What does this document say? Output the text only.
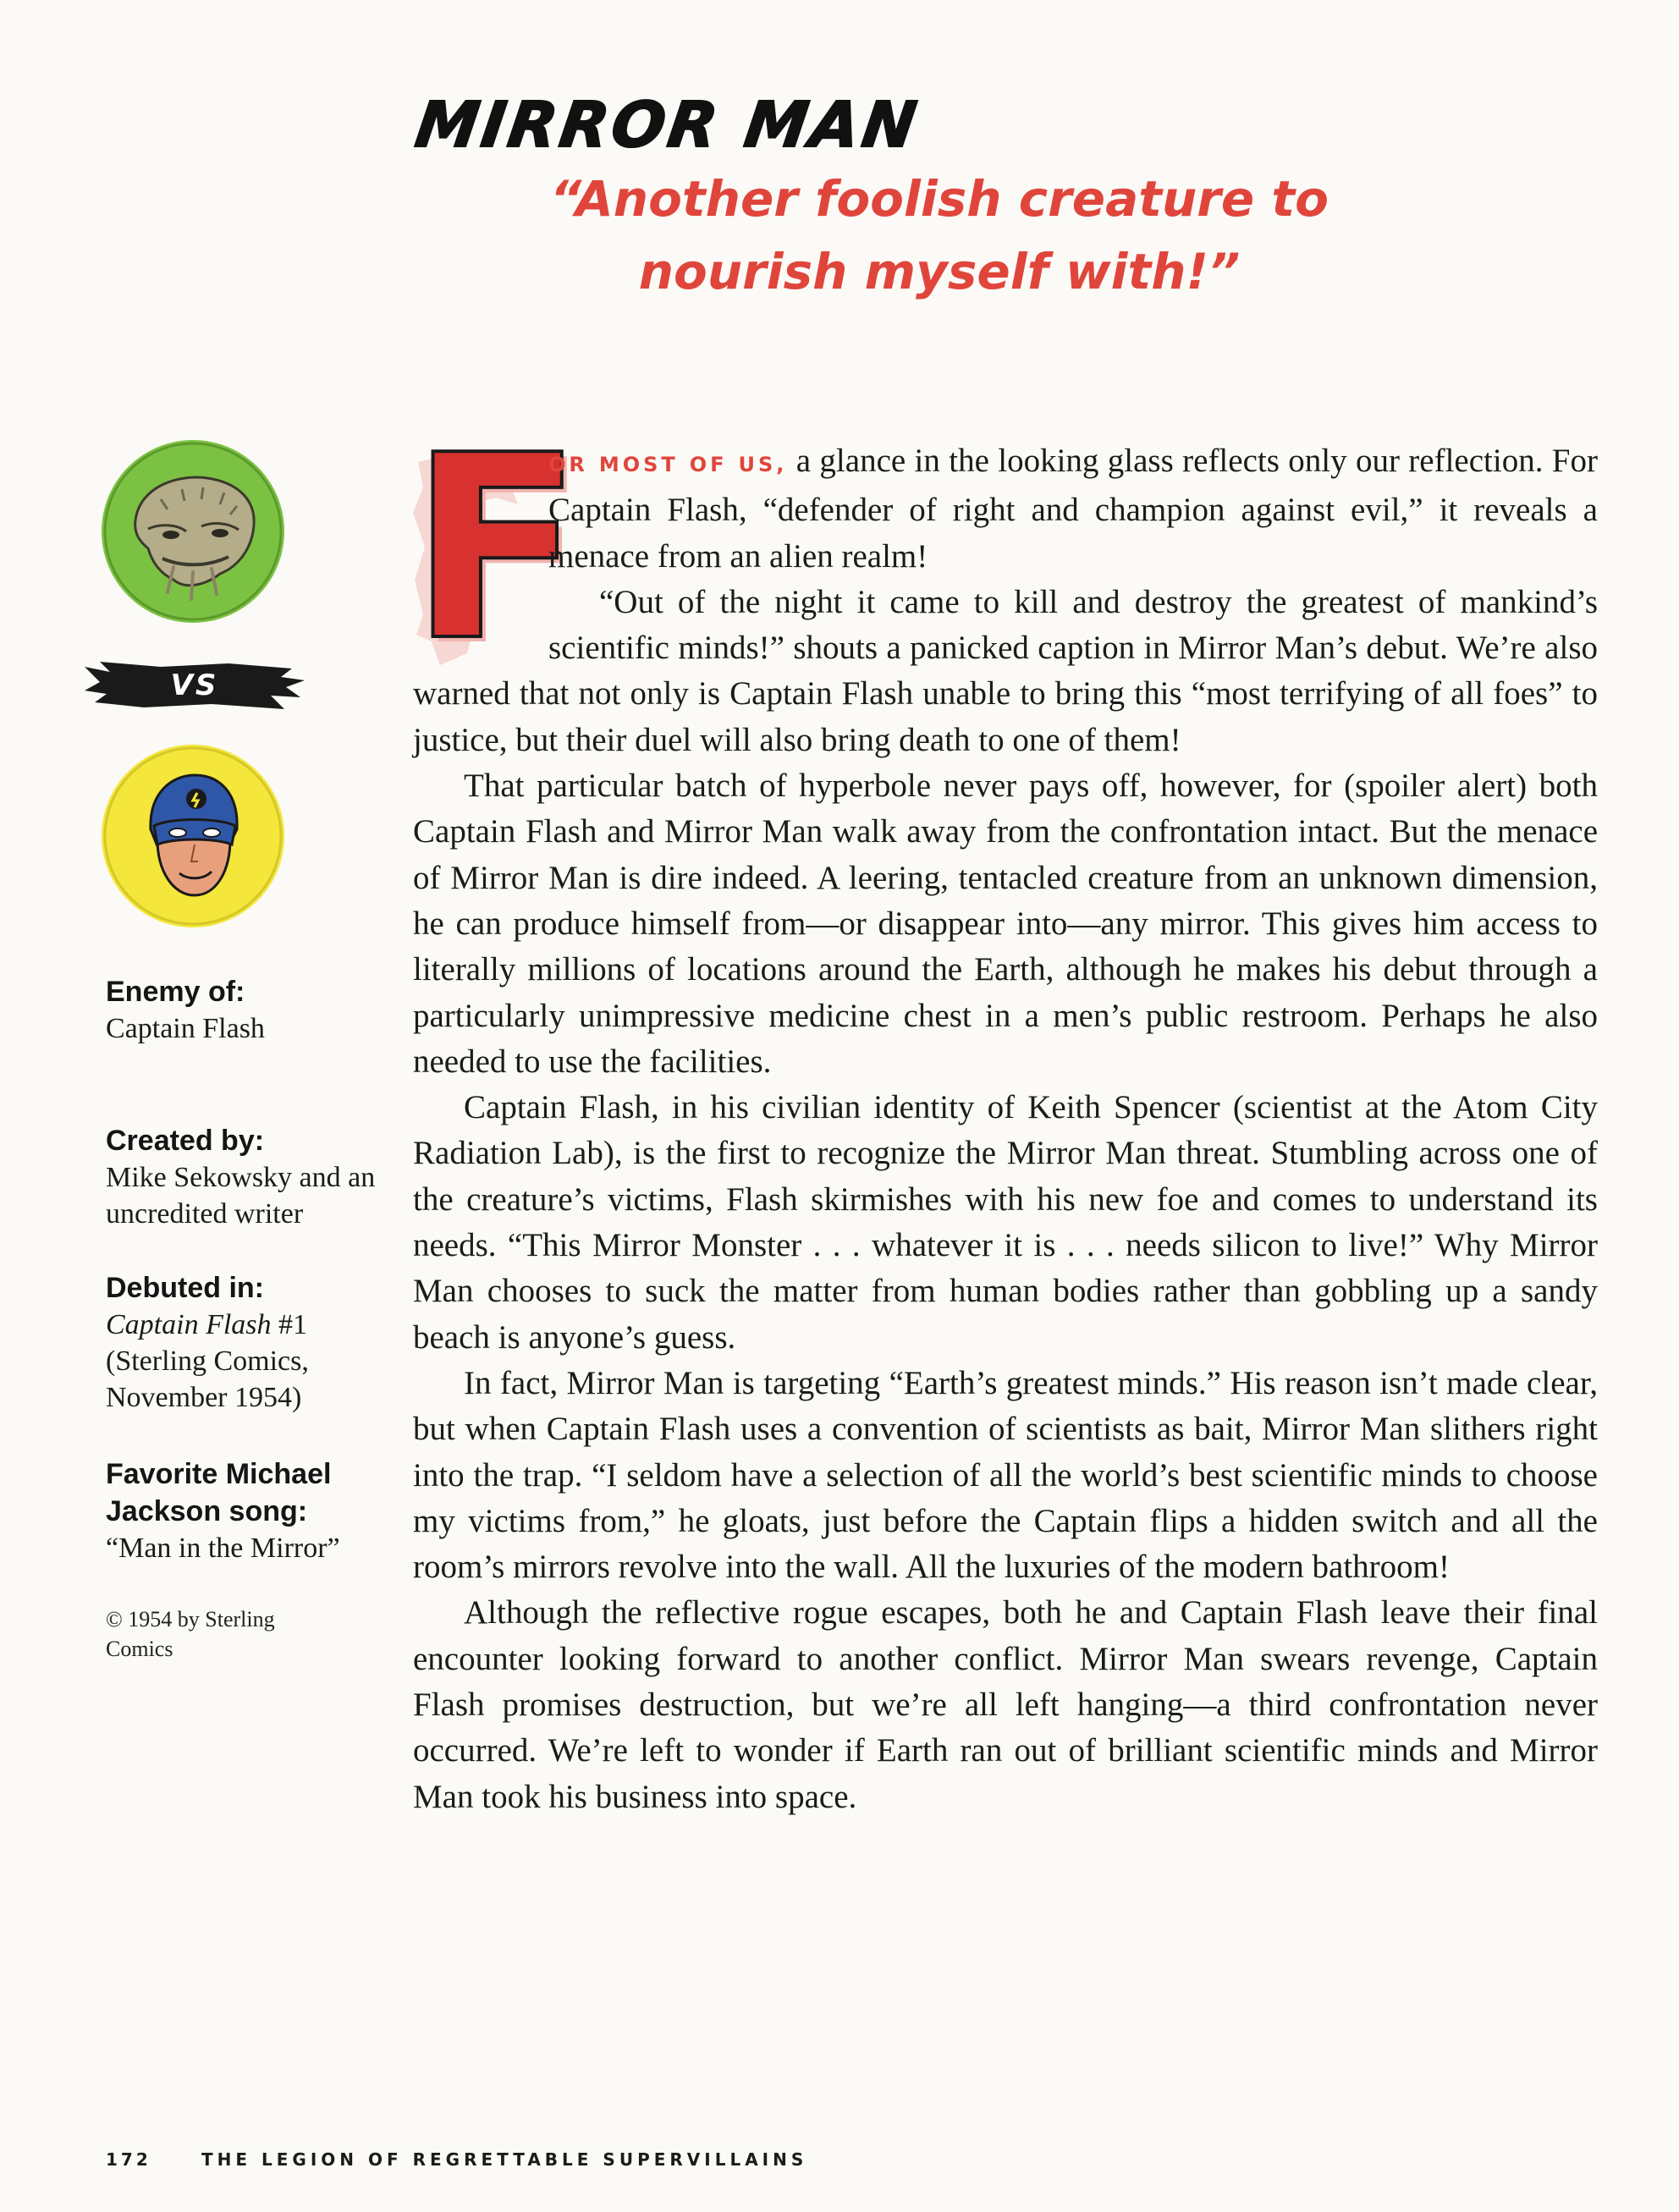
MIRROR MAN

“Another foolish creature to nourish myself with!”

VS
Enemy of:
Captain Flash
Created by:
Mike Sekowsky and an uncredited writer
Debuted in:
Captain Flash #1 (Sterling Comics, November 1954)
Favorite Michael Jackson song:
“Man in the Mirror”
© 1954 by Sterling Comics
F

OR MOST OF US, a glance in the looking glass reflects only our reflection. For Captain Flash, “defender of right and champion against evil,” it reveals a menace from an alien realm!

“Out of the night it came to kill and destroy the greatest of mankind’s scientific minds!” shouts a panicked caption in Mirror Man’s debut. We’re also warned that not only is Captain Flash unable to bring this “most terrifying of all foes” to justice, but their duel will also bring death to one of them!

That particular batch of hyperbole never pays off, however, for (spoiler alert) both Captain Flash and Mirror Man walk away from the confrontation intact. But the menace of Mirror Man is dire indeed. A leering, tentacled creature from an unknown dimension, he can produce himself from—or disappear into—any mirror. This gives him access to literally millions of locations around the Earth, although he makes his debut through a particularly unimpressive medicine chest in a men’s public restroom. Perhaps he also needed to use the facilities.

Captain Flash, in his civilian identity of Keith Spencer (scientist at the Atom City Radiation Lab), is the first to recognize the Mirror Man threat. Stumbling across one of the creature’s victims, Flash skirmishes with his new foe and comes to understand its needs. “This Mirror Monster . . . whatever it is . . . needs silicon to live!” Why Mirror Man chooses to suck the matter from human bodies rather than gobbling up a sandy beach is anyone’s guess.

In fact, Mirror Man is targeting “Earth’s greatest minds.” His reason isn’t made clear, but when Captain Flash uses a convention of scientists as bait, Mirror Man slithers right into the trap. “I seldom have a selection of all the world’s best scientific minds to choose my victims from,” he gloats, just before the Captain flips a hidden switch and all the room’s mirrors revolve into the wall. All the luxuries of the modern bathroom!

Although the reflective rogue escapes, both he and Captain Flash leave their final encounter looking forward to another conflict. Mirror Man swears revenge, Captain Flash promises destruction, but we’re all left hanging—a third confrontation never occurred. We’re left to wonder if Earth ran out of brilliant scientific minds and Mirror Man took his business into space.

172	THE LEGION OF REGRETTABLE SUPERVILLAINS
